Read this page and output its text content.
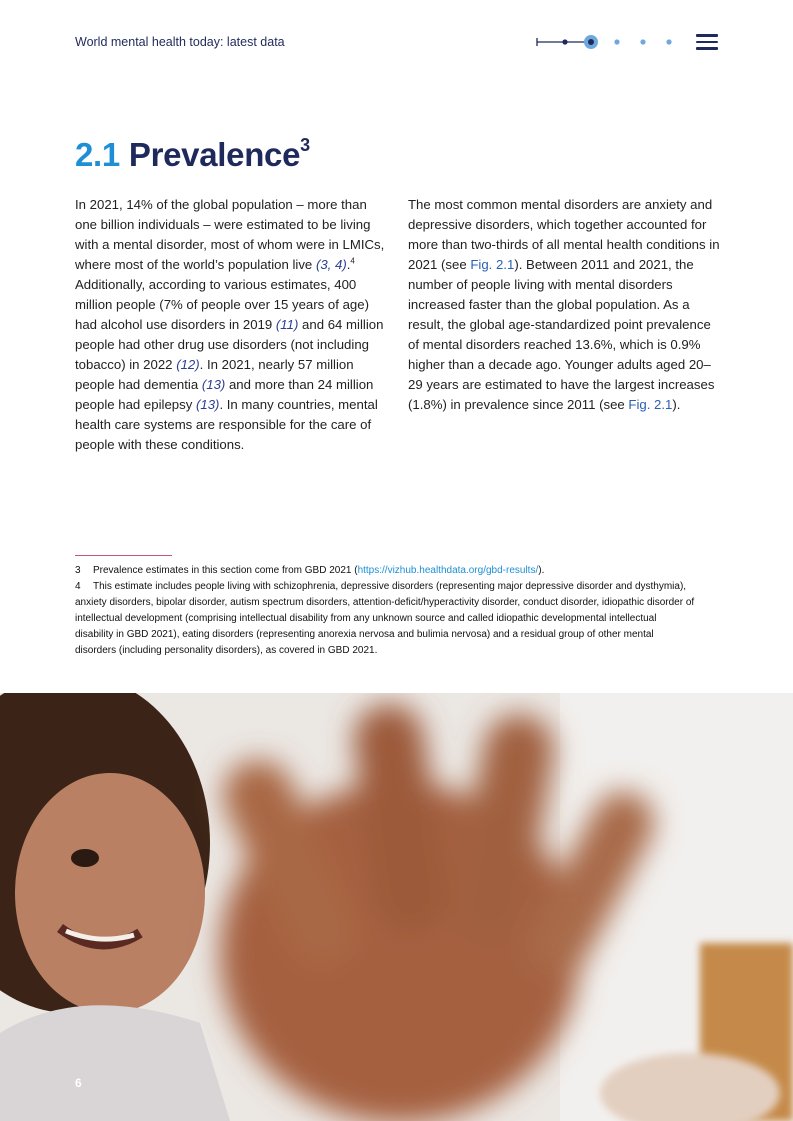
World mental health today: latest data
2.1 Prevalence$^3$

In 2021, 14% of the global population – more than one billion individuals – were estimated to be living with a mental disorder, most of whom were in LMICs, where most of the world’s population live (3, 4).$^4$ Additionally, according to various estimates, 400 million people (7% of people over 15 years of age) had alcohol use disorders in 2019 (11) and 64 million people had other drug use disorders (not including tobacco) in 2022 (12). In 2021, nearly 57 million people had dementia (13) and more than 24 million people had epilepsy (13). In many countries, mental health care systems are responsible for the care of people with these conditions.

The most common mental disorders are anxiety and depressive disorders, which together accounted for more than two-thirds of all mental health conditions in 2021 (see Fig. 2.1). Between 2011 and 2021, the number of people living with mental disorders increased faster than the global population. As a result, the global age-standardized point prevalence of mental disorders reached 13.6%, which is 0.9% higher than a decade ago. Younger adults aged 20–29 years are estimated to have the largest increases (1.8%) in prevalence since 2011 (see Fig. 2.1).

3 Prevalence estimates in this section come from GBD 2021 (https://vizhub.healthdata.org/gbd-results/).

4 This estimate includes people living with schizophrenia, depressive disorders (representing major depressive disorder and dysthymia), anxiety disorders, bipolar disorder, autism spectrum disorders, attention-deficit/hyperactivity disorder, conduct disorder, idiopathic disorder of intellectual development (comprising intellectual disability from any unknown source and called idiopathic developmental intellectual disability in GBD 2021), eating disorders (representing anorexia nervosa and bulimia nervosa) and a residual group of other mental disorders (including personality disorders), as covered in GBD 2021.

6
